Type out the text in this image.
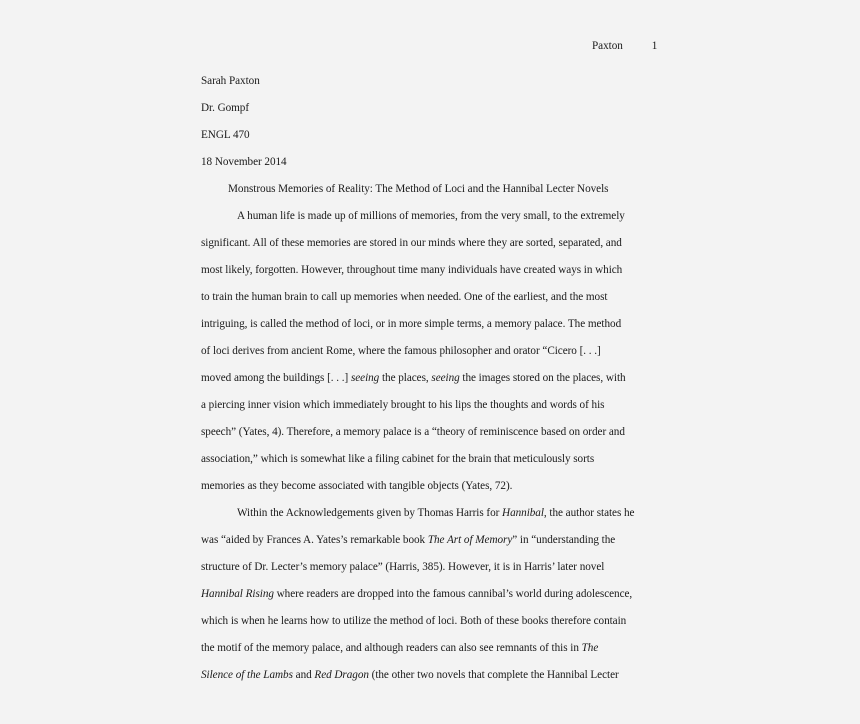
Paxton	1
Sarah Paxton
Dr. Gompf
ENGL 470
18 November 2014
Monstrous Memories of Reality: The Method of Loci and the Hannibal Lecter Novels
A human life is made up of millions of memories, from the very small, to the extremely
significant. All of these memories are stored in our minds where they are sorted, separated, and
most likely, forgotten. However, throughout time many individuals have created ways in which
to train the human brain to call up memories when needed. One of the earliest, and the most
intriguing, is called the method of loci, or in more simple terms, a memory palace. The method
of loci derives from ancient Rome, where the famous philosopher and orator “Cicero [. . .]
moved among the buildings [. . .] seeing the places, seeing the images stored on the places, with
a piercing inner vision which immediately brought to his lips the thoughts and words of his
speech” (Yates, 4). Therefore, a memory palace is a “theory of reminiscence based on order and
association,” which is somewhat like a filing cabinet for the brain that meticulously sorts
memories as they become associated with tangible objects (Yates, 72).
Within the Acknowledgements given by Thomas Harris for Hannibal, the author states he
was “aided by Frances A. Yates’s remarkable book The Art of Memory” in “understanding the
structure of Dr. Lecter’s memory palace” (Harris, 385). However, it is in Harris’ later novel
Hannibal Rising where readers are dropped into the famous cannibal’s world during adolescence,
which is when he learns how to utilize the method of loci. Both of these books therefore contain
the motif of the memory palace, and although readers can also see remnants of this in The
Silence of the Lambs and Red Dragon (the other two novels that complete the Hannibal Lecter
